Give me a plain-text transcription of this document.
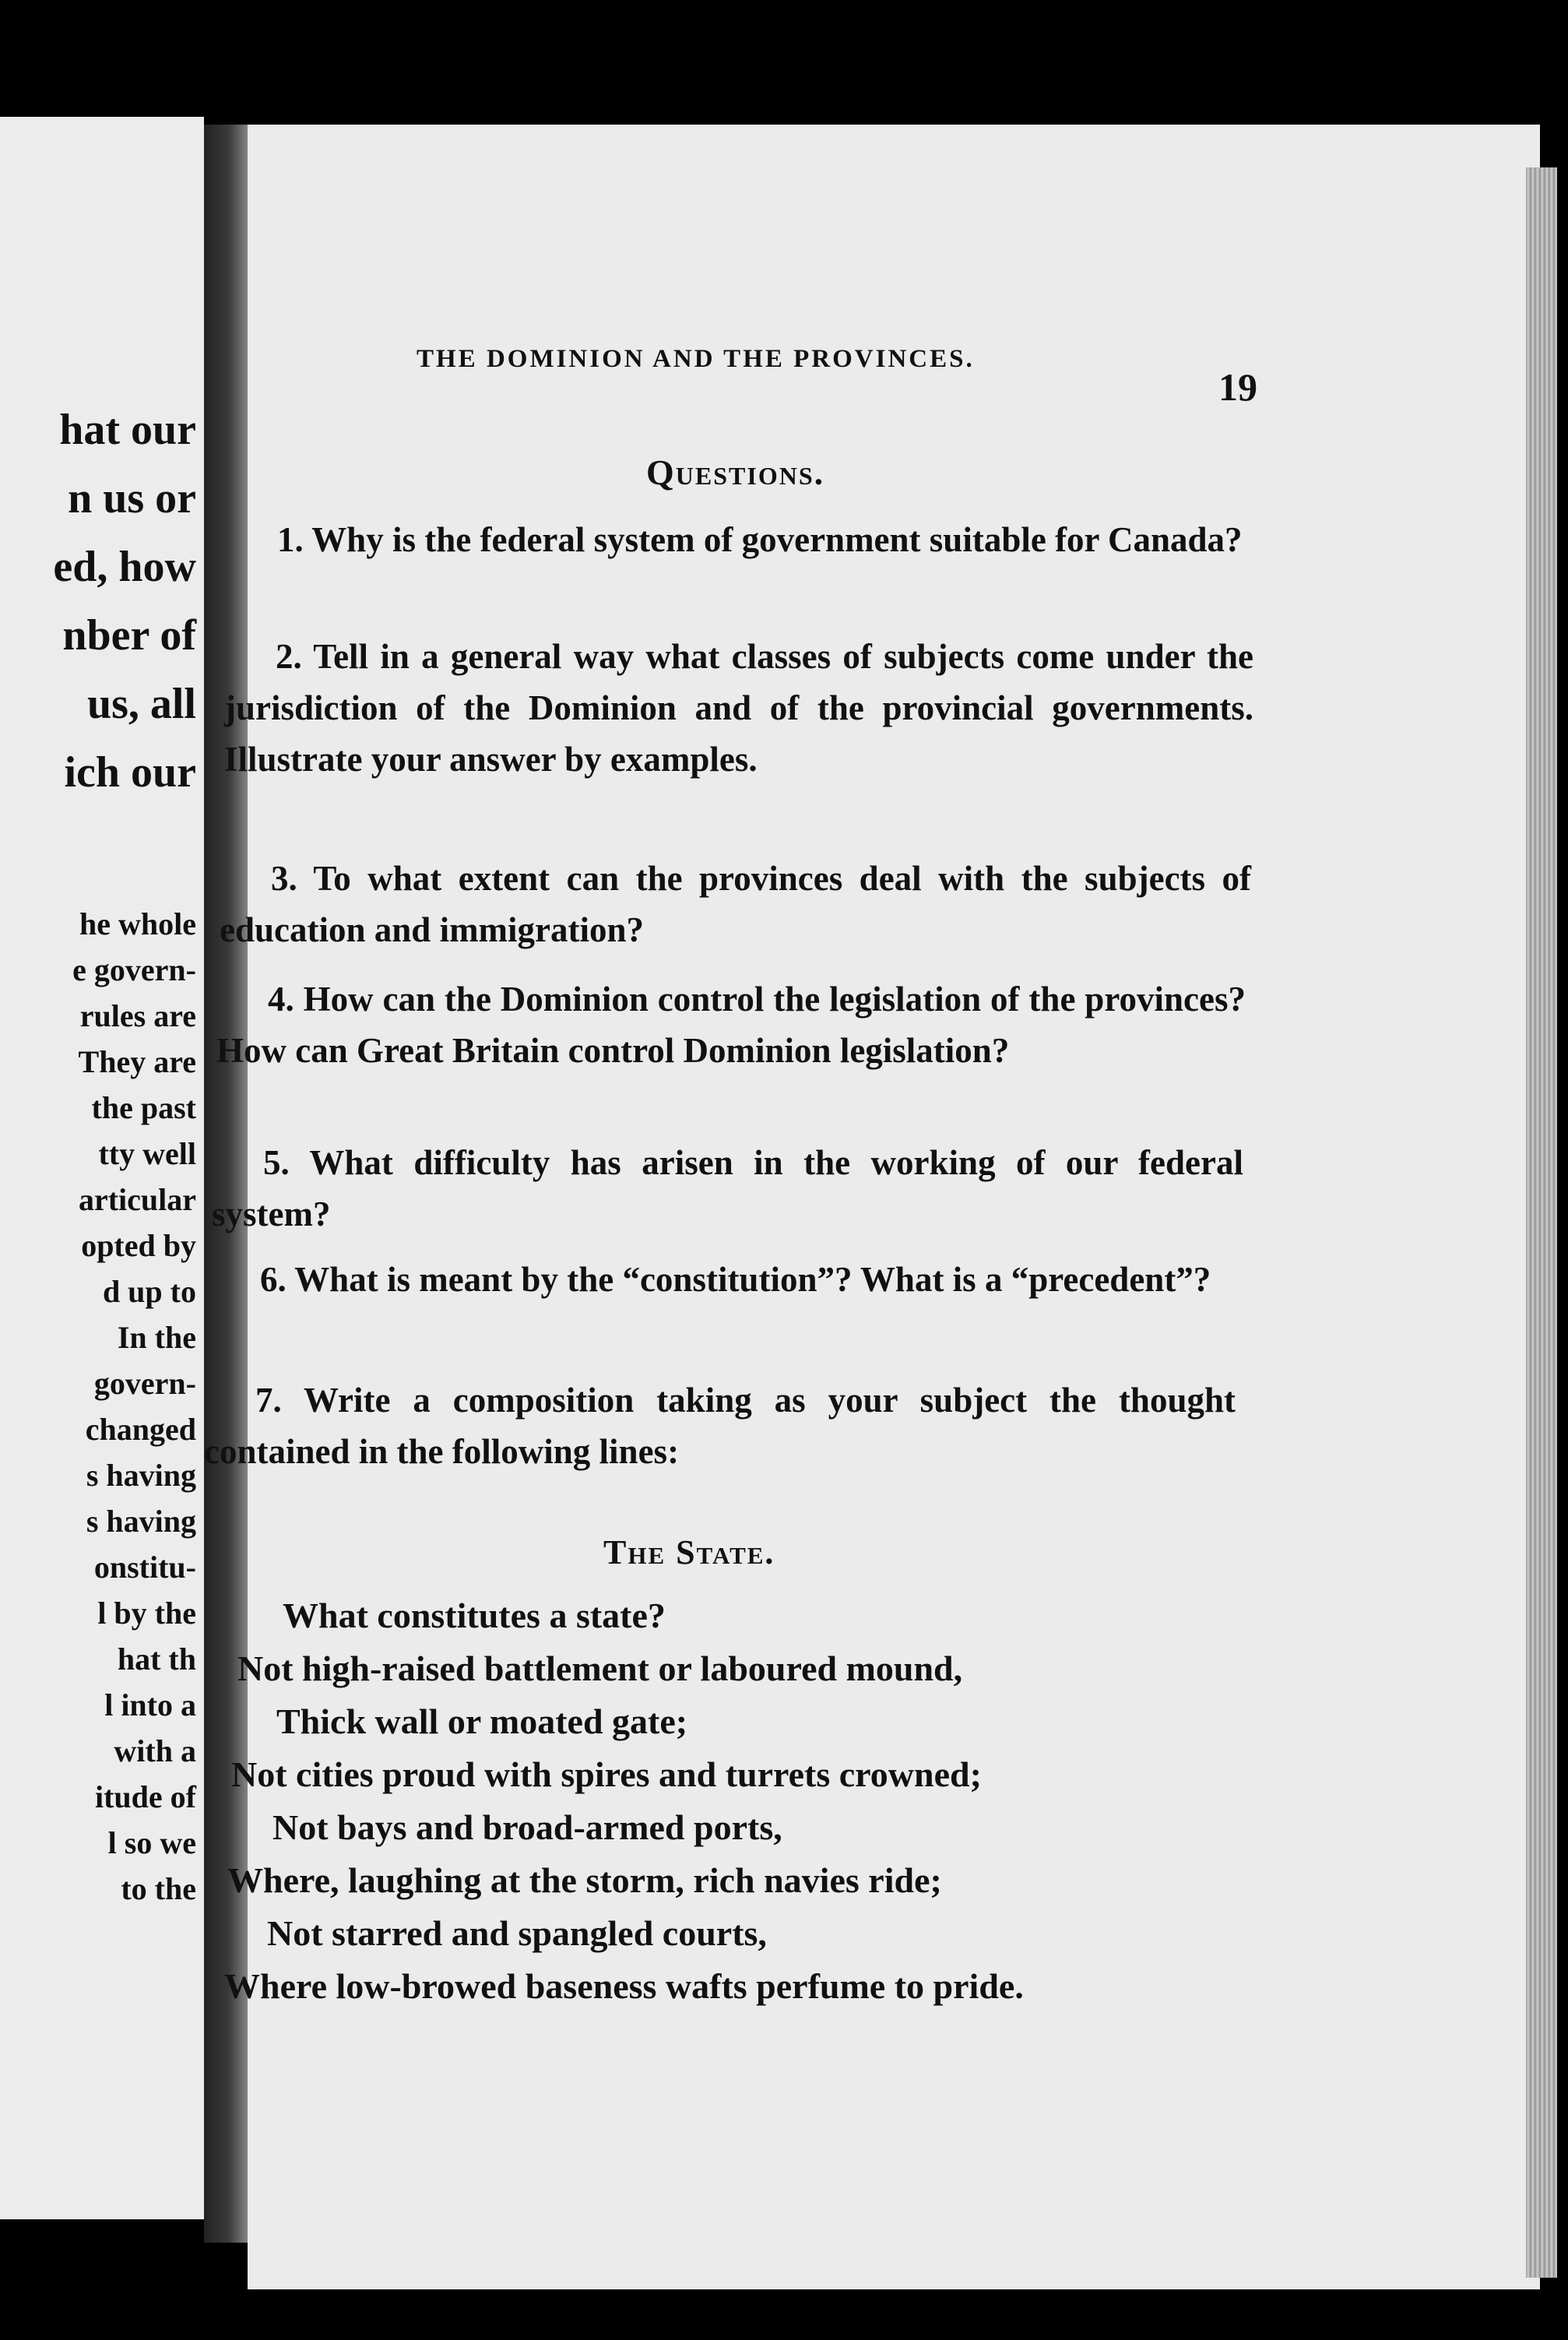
hat our

n us or

ed, how

nber of

us, all

ich our

he whole

e govern-

rules are

They are

the past

tty well

articular

opted by

d up to

In the

govern-

changed

s having

s having

onstitu-

l by the

hat th

l into a

with a

itude of

l so we

to the

THE DOMINION AND THE PROVINCES.

19

Questions.

1. Why is the federal system of government suitable for Canada?

2. Tell in a general way what classes of subjects come under the jurisdiction of the Dominion and of the provincial governments. Illustrate your answer by examples.

3. To what extent can the provinces deal with the subjects of education and immigration?

4. How can the Dominion control the legislation of the provinces? How can Great Britain control Dominion legislation?

5. What difficulty has arisen in the working of our federal system?

6. What is meant by the “constitution”? What is a “precedent”?

7. Write a composition taking as your subject the thought contained in the following lines:

The State.

What constitutes a state?

Not high-raised battlement or laboured mound,

Thick wall or moated gate;

Not cities proud with spires and turrets crowned;

Not bays and broad-armed ports,

Where, laughing at the storm, rich navies ride;

Not starred and spangled courts,

Where low-browed baseness wafts perfume to pride.
